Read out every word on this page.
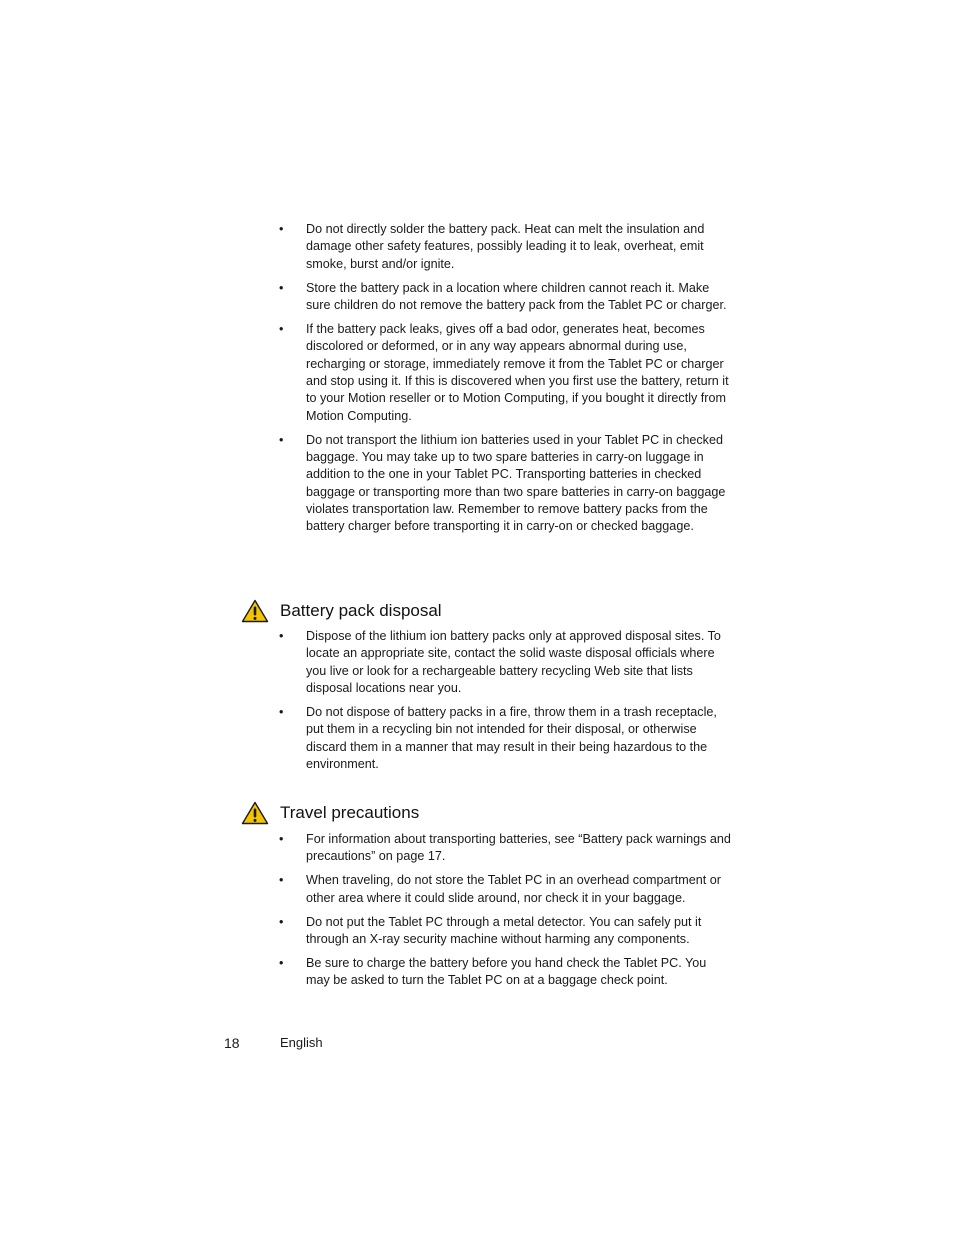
•	Do not directly solder the battery pack. Heat can melt the insulation and damage other safety features, possibly leading it to leak, overheat, emit smoke, burst and/or ignite.
•	Store the battery pack in a location where children cannot reach it. Make sure children do not remove the battery pack from the Tablet PC or charger.
•	If the battery pack leaks, gives off a bad odor, generates heat, becomes discolored or deformed, or in any way appears abnormal during use, recharging or storage, immediately remove it from the Tablet PC or charger and stop using it. If this is discovered when you first use the battery, return it to your Motion reseller or to Motion Computing, if you bought it directly from Motion Computing.
•	Do not transport the lithium ion batteries used in your Tablet PC in checked baggage. You may take up to two spare batteries in carry-on luggage in addition to the one in your Tablet PC. Transporting batteries in checked baggage or transporting more than two spare batteries in carry-on baggage violates transportation law. Remember to remove battery packs from the battery charger before transporting it in carry-on or checked baggage.
Battery pack disposal
•	Dispose of the lithium ion battery packs only at approved disposal sites. To locate an appropriate site, contact the solid waste disposal officials where you live or look for a rechargeable battery recycling Web site that lists disposal locations near you.
•	Do not dispose of battery packs in a fire, throw them in a trash receptacle, put them in a recycling bin not intended for their disposal, or otherwise discard them in a manner that may result in their being hazardous to the environment.
Travel precautions
•	For information about transporting batteries, see “Battery pack warnings and precautions” on page 17.
•	When traveling, do not store the Tablet PC in an overhead compartment or other area where it could slide around, nor check it in your baggage.
•	Do not put the Tablet PC through a metal detector. You can safely put it through an X-ray security machine without harming any components.
•	Be sure to charge the battery before you hand check the Tablet PC. You may be asked to turn the Tablet PC on at a baggage check point.
18	English
